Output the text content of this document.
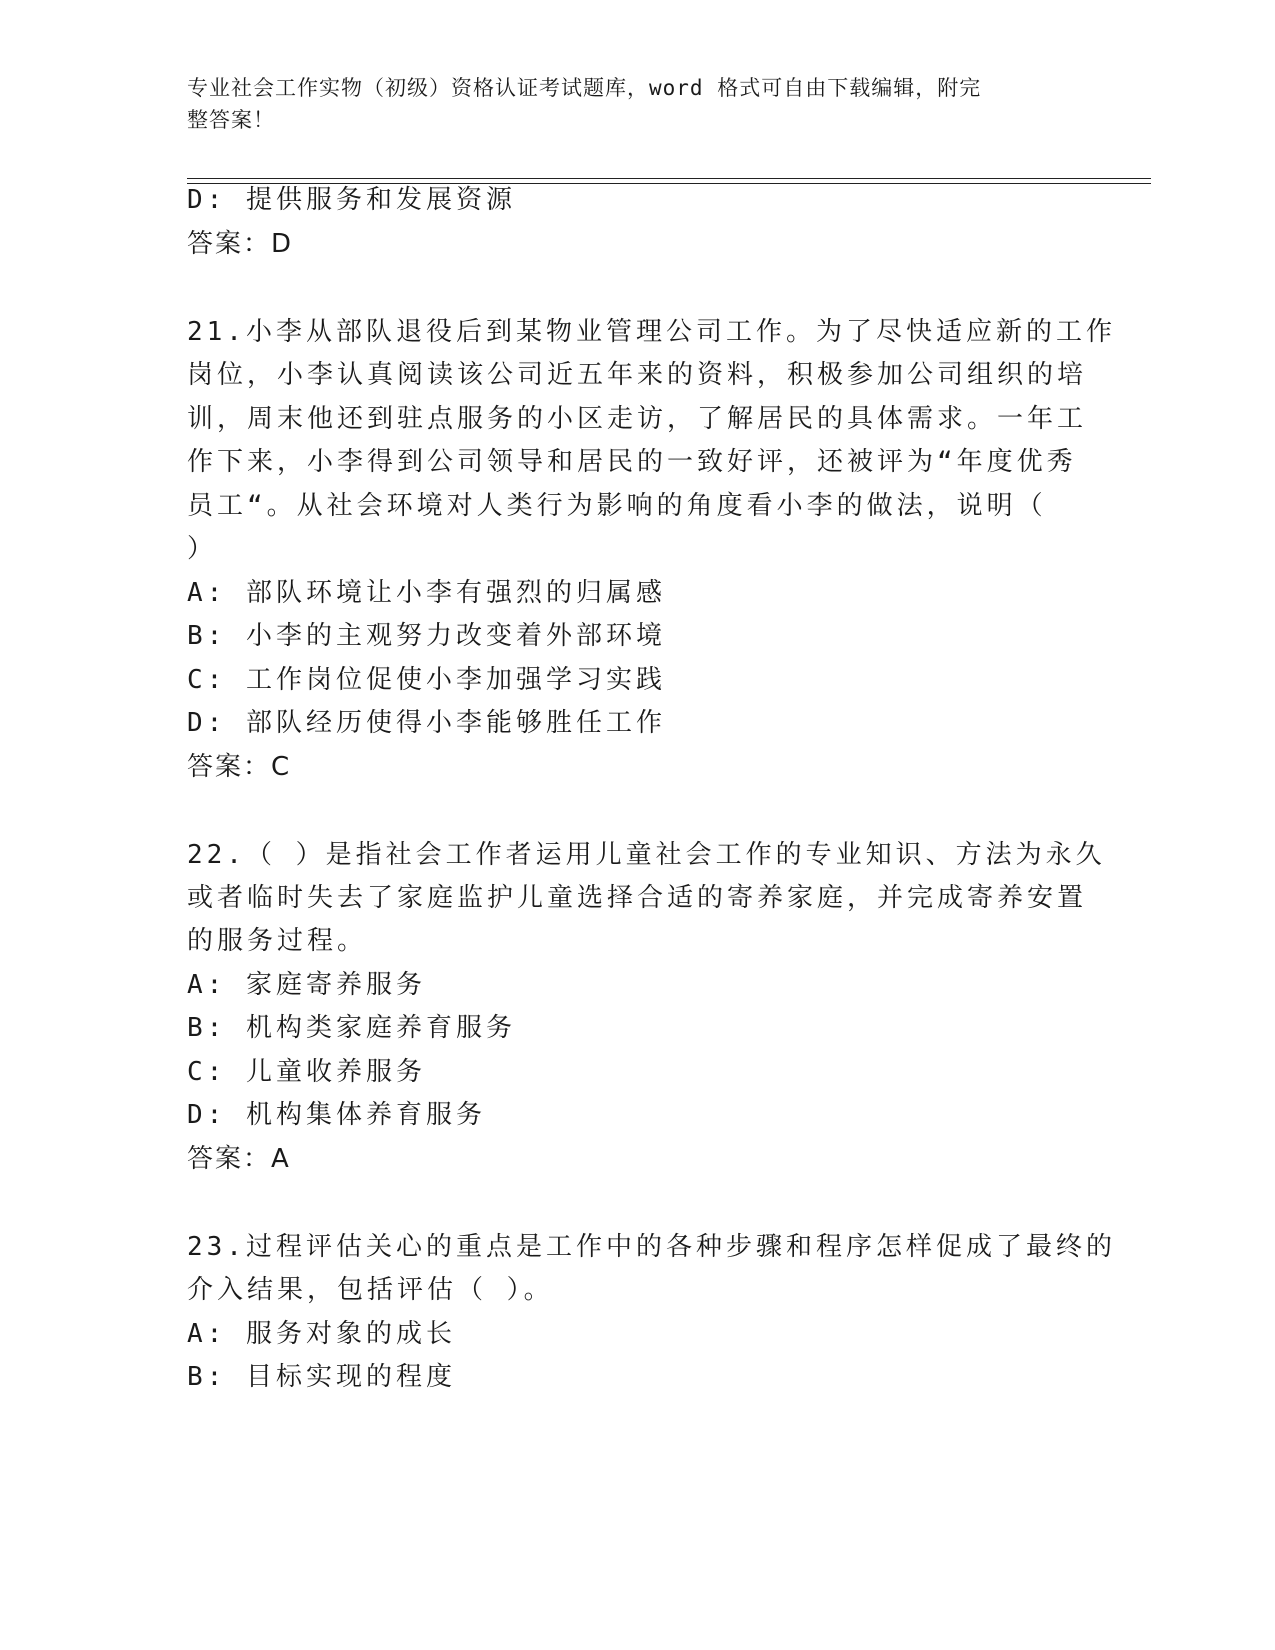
专业社会工作实物（初级）资格认证考试题库，word 格式可自由下载编辑，附完
整答案！
D: 提供服务和发展资源
答案：D
21.小李从部队退役后到某物业管理公司工作。为了尽快适应新的工作
岗位，小李认真阅读该公司近五年来的资料，积极参加公司组织的培
训，周末他还到驻点服务的小区走访，了解居民的具体需求。一年工
作下来，小李得到公司领导和居民的一致好评，还被评为“年度优秀
员工“。从社会环境对人类行为影响的角度看小李的做法，说明（
）
A: 部队环境让小李有强烈的归属感
B: 小李的主观努力改变着外部环境
C: 工作岗位促使小李加强学习实践
D: 部队经历使得小李能够胜任工作
答案：C
22.（ ）是指社会工作者运用儿童社会工作的专业知识、方法为永久
或者临时失去了家庭监护儿童选择合适的寄养家庭，并完成寄养安置
的服务过程。
A: 家庭寄养服务
B: 机构类家庭养育服务
C: 儿童收养服务
D: 机构集体养育服务
答案：A
23.过程评估关心的重点是工作中的各种步骤和程序怎样促成了最终的
介入结果，包括评估（ ）。
A: 服务对象的成长
B: 目标实现的程度
